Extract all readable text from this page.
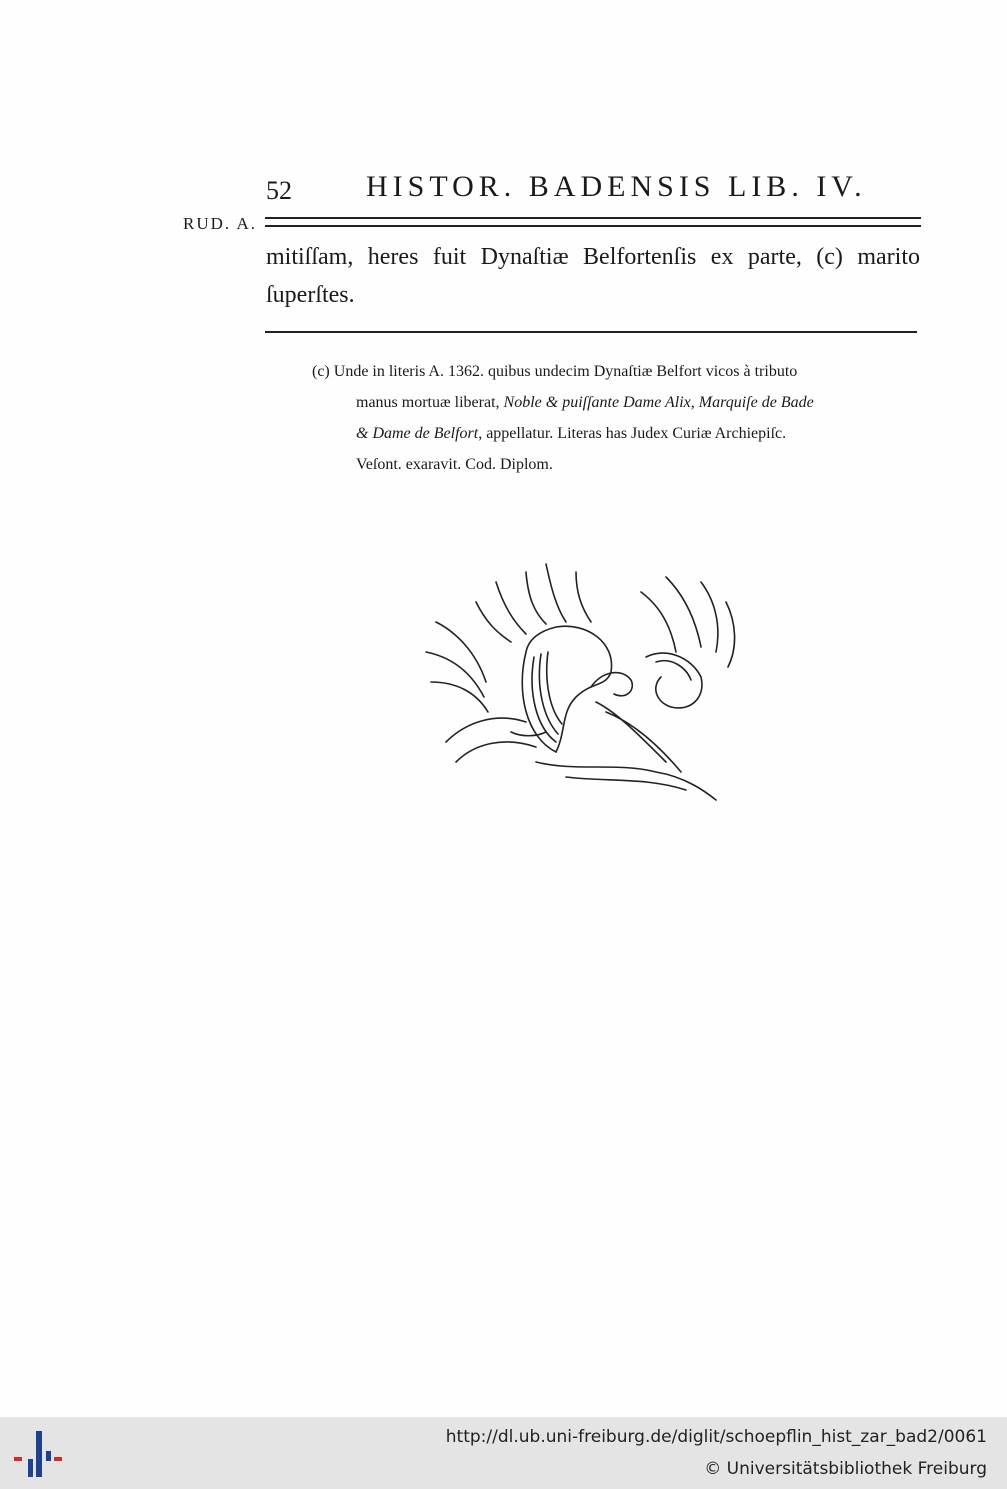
52 HISTOR. BADENSIS LIB. IV.
RUD. A.
mitiſſam, heres fuit Dynaſtiæ Belfortenſis ex parte, (c) marito ſuperſtes.
(c) Unde in literis A. 1362. quibus undecim Dynaſtiæ Belfort vicos à tributo
manus mortuæ liberat, Noble & puiſſante Dame Alix, Marquiſe de Bade
& Dame de Belfort, appellatur. Literas has Judex Curiæ Archiepiſc.
Veſont. exaravit. Cod. Diplom.
http://dl.ub.uni-freiburg.de/diglit/schoepflin_hist_zar_bad2/0061
© Universitätsbibliothek Freiburg
